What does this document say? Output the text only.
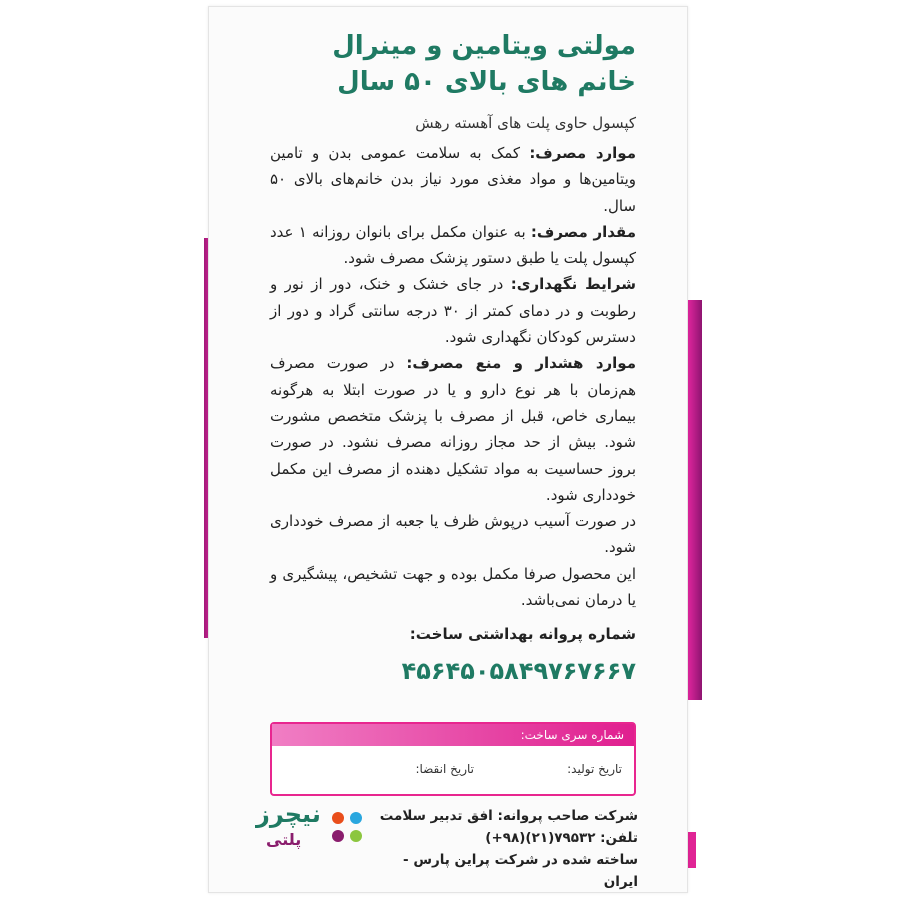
مولتی ویتامین و مینرال

خانم های بالای ۵۰ سال

کپسول حاوی پلت های آهسته رهش

موارد مصرف: کمک به سلامت عمومی بدن و تامین ویتامین‌ها و مواد مغذی مورد نیاز بدن خانم‌های بالای ۵۰ سال.

مقدار مصرف: به عنوان مکمل برای بانوان روزانه ۱ عدد کپسول پلت یا طبق دستور پزشک مصرف شود.

شرایط نگهداری: در جای خشک و خنک، دور از نور و رطوبت و در دمای کمتر از ۳۰ درجه سانتی گراد و دور از دسترس کودکان نگهداری شود.

موارد هشدار و منع مصرف: در صورت مصرف هم‌زمان با هر نوع دارو و یا در صورت ابتلا به هرگونه بیماری خاص، قبل از مصرف با پزشک متخصص مشورت شود. بیش از حد مجاز روزانه مصرف نشود. در صورت بروز حساسیت به مواد تشکیل دهنده از مصرف این مکمل خودداری شود.

در صورت آسیب درپوش ظرف یا جعبه از مصرف خودداری شود.

این محصول صرفا مکمل بوده و جهت تشخیص، پیشگیری و یا درمان نمی‌باشد.

شماره پروانه بهداشتی ساخت:

۴۵۶۴۵۰۵۸۴۹۷۶۷۶۶۷

شماره سری ساخت:
تاریخ تولید:
تاریخ انقضا:
شرکت صاحب پروانه: افق تدبیر سلامت
تلفن: ۷۹۵۳۲(۲۱)(۹۸+)
ساخته شده در شرکت پراین پارس - ایران
نیچرز
پلتی
